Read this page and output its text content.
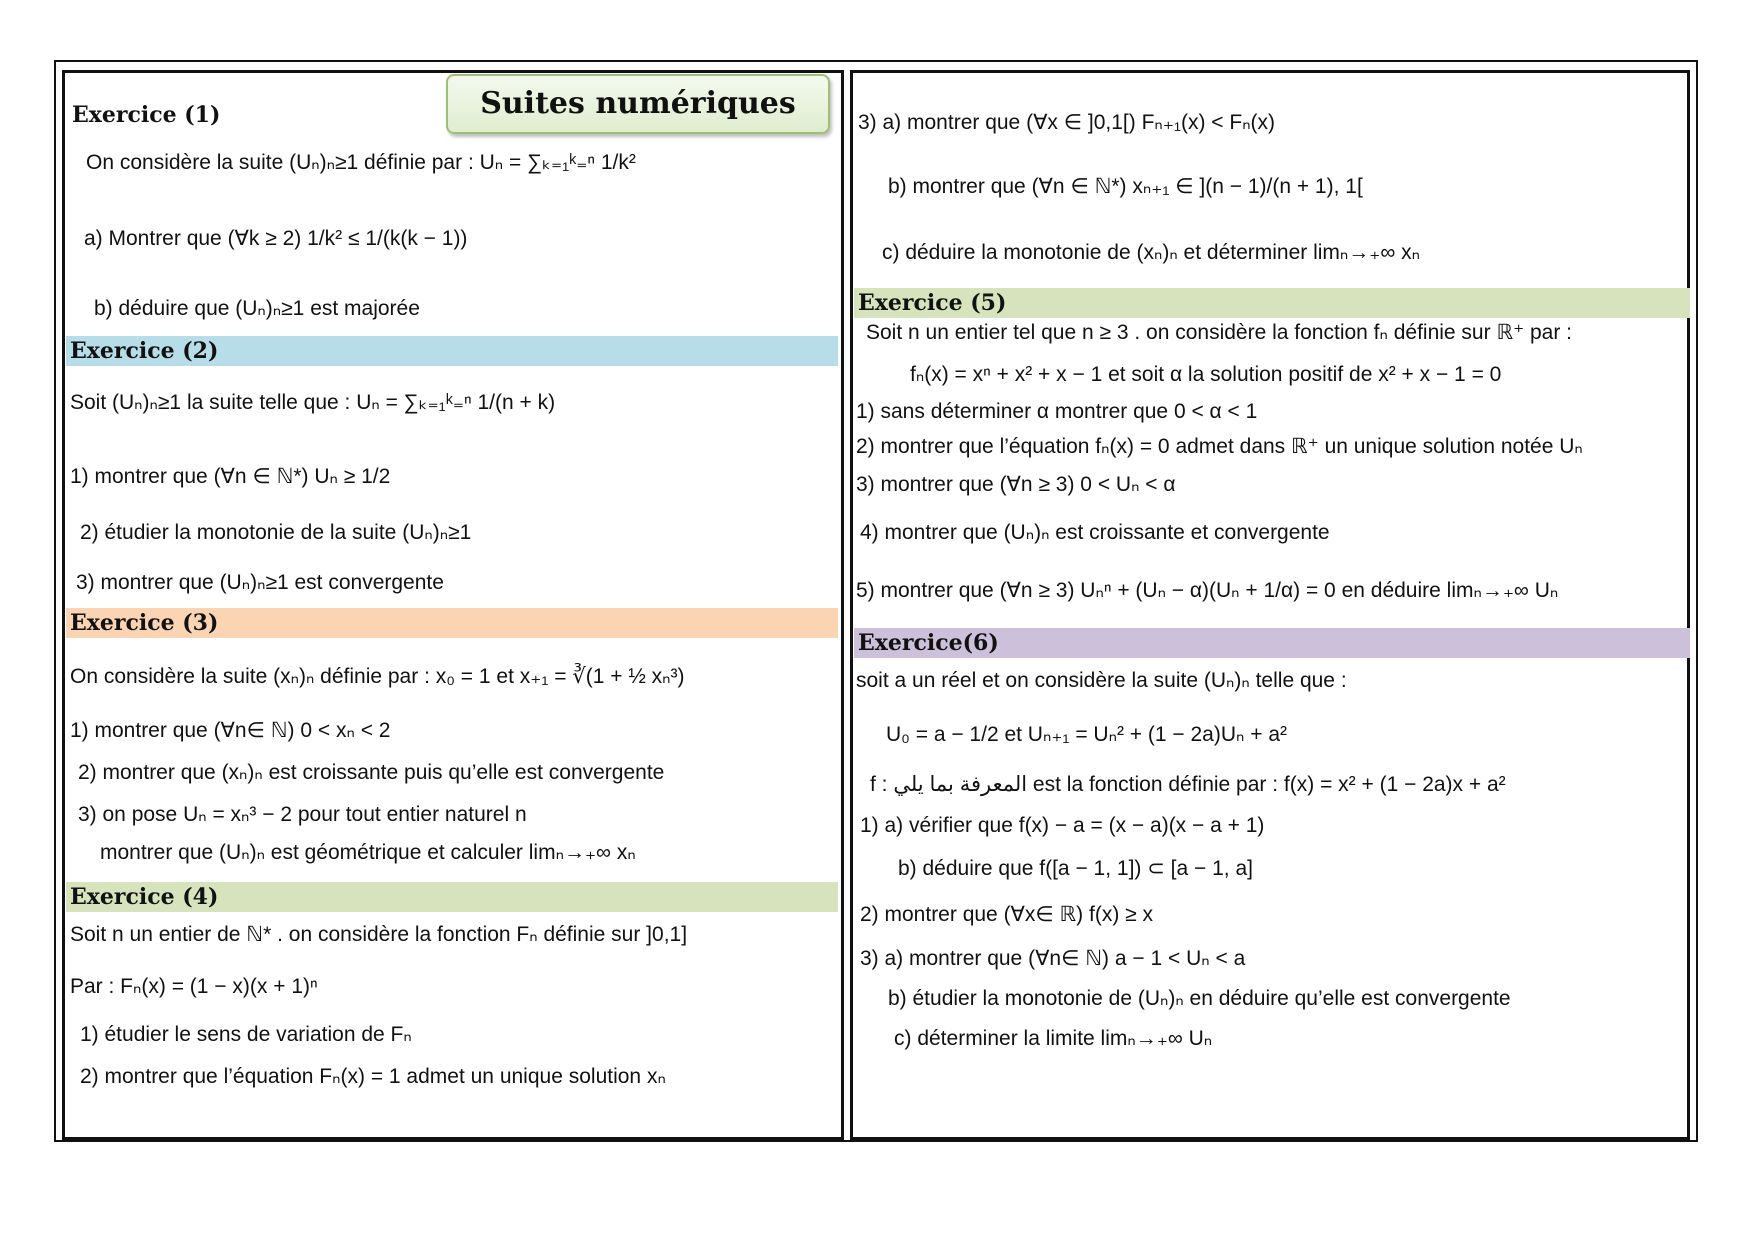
Suites numériques
Exercice (1)
On considère la suite (Uₙ)ₙ≥1 définie par : Uₙ = ∑ₖ₌₁ᵏ₌ⁿ 1/k²
a) Montrer que (∀k ≥ 2) 1/k² ≤ 1/(k(k − 1))
b) déduire que (Uₙ)ₙ≥1 est majorée
Exercice (2)
Soit (Uₙ)ₙ≥1 la suite telle que : Uₙ = ∑ₖ₌₁ᵏ₌ⁿ 1/(n + k)
1) montrer que (∀n ∈ ℕ*) Uₙ ≥ 1/2
2) étudier la monotonie de la suite (Uₙ)ₙ≥1
3) montrer que (Uₙ)ₙ≥1 est convergente
Exercice (3)
On considère la suite (xₙ)ₙ définie par : x₀ = 1 et x₊₁ = ∛(1 + ½ xₙ³)
1) montrer que (∀n∈ ℕ) 0 < xₙ < 2
2) montrer que (xₙ)ₙ est croissante puis qu’elle est convergente
3) on pose Uₙ = xₙ³ − 2 pour tout entier naturel n
montrer que (Uₙ)ₙ est géométrique et calculer limₙ→₊∞ xₙ
Exercice (4)
Soit n un entier de ℕ* . on considère la fonction Fₙ définie sur ]0,1]
Par : Fₙ(x) = (1 − x)(x + 1)ⁿ
1) étudier le sens de variation de Fₙ
2) montrer que l’équation Fₙ(x) = 1 admet un unique solution xₙ
3) a) montrer que (∀x ∈ ]0,1[) Fₙ₊₁(x) < Fₙ(x)
b) montrer que (∀n ∈ ℕ*) xₙ₊₁ ∈ ](n − 1)/(n + 1), 1[
c) déduire la monotonie de (xₙ)ₙ et déterminer limₙ→₊∞ xₙ
Exercice (5)
Soit n un entier tel que n ≥ 3 . on considère la fonction fₙ définie sur ℝ⁺ par :
fₙ(x) = xⁿ + x² + x − 1 et soit α la solution positif de x² + x − 1 = 0
1) sans déterminer α montrer que 0 < α < 1
2) montrer que l’équation fₙ(x) = 0 admet dans ℝ⁺ un unique solution notée Uₙ
3) montrer que (∀n ≥ 3) 0 < Uₙ < α
4) montrer que (Uₙ)ₙ est croissante et convergente
5) montrer que (∀n ≥ 3) Uₙⁿ + (Uₙ − α)(Uₙ + 1/α) = 0 en déduire limₙ→₊∞ Uₙ
Exercice(6)
soit a un réel et on considère la suite (Uₙ)ₙ telle que :
U₀ = a − 1/2 et Uₙ₊₁ = Uₙ² + (1 − 2a)Uₙ + a²
f : المعرفة بما يلي est la fonction définie par : f(x) = x² + (1 − 2a)x + a²
1) a) vérifier que f(x) − a = (x − a)(x − a + 1)
b) déduire que f([a − 1, 1]) ⊂ [a − 1, a]
2) montrer que (∀x∈ ℝ) f(x) ≥ x
3) a) montrer que (∀n∈ ℕ) a − 1 < Uₙ < a
b) étudier la monotonie de (Uₙ)ₙ en déduire qu’elle est convergente
c) déterminer la limite limₙ→₊∞ Uₙ
